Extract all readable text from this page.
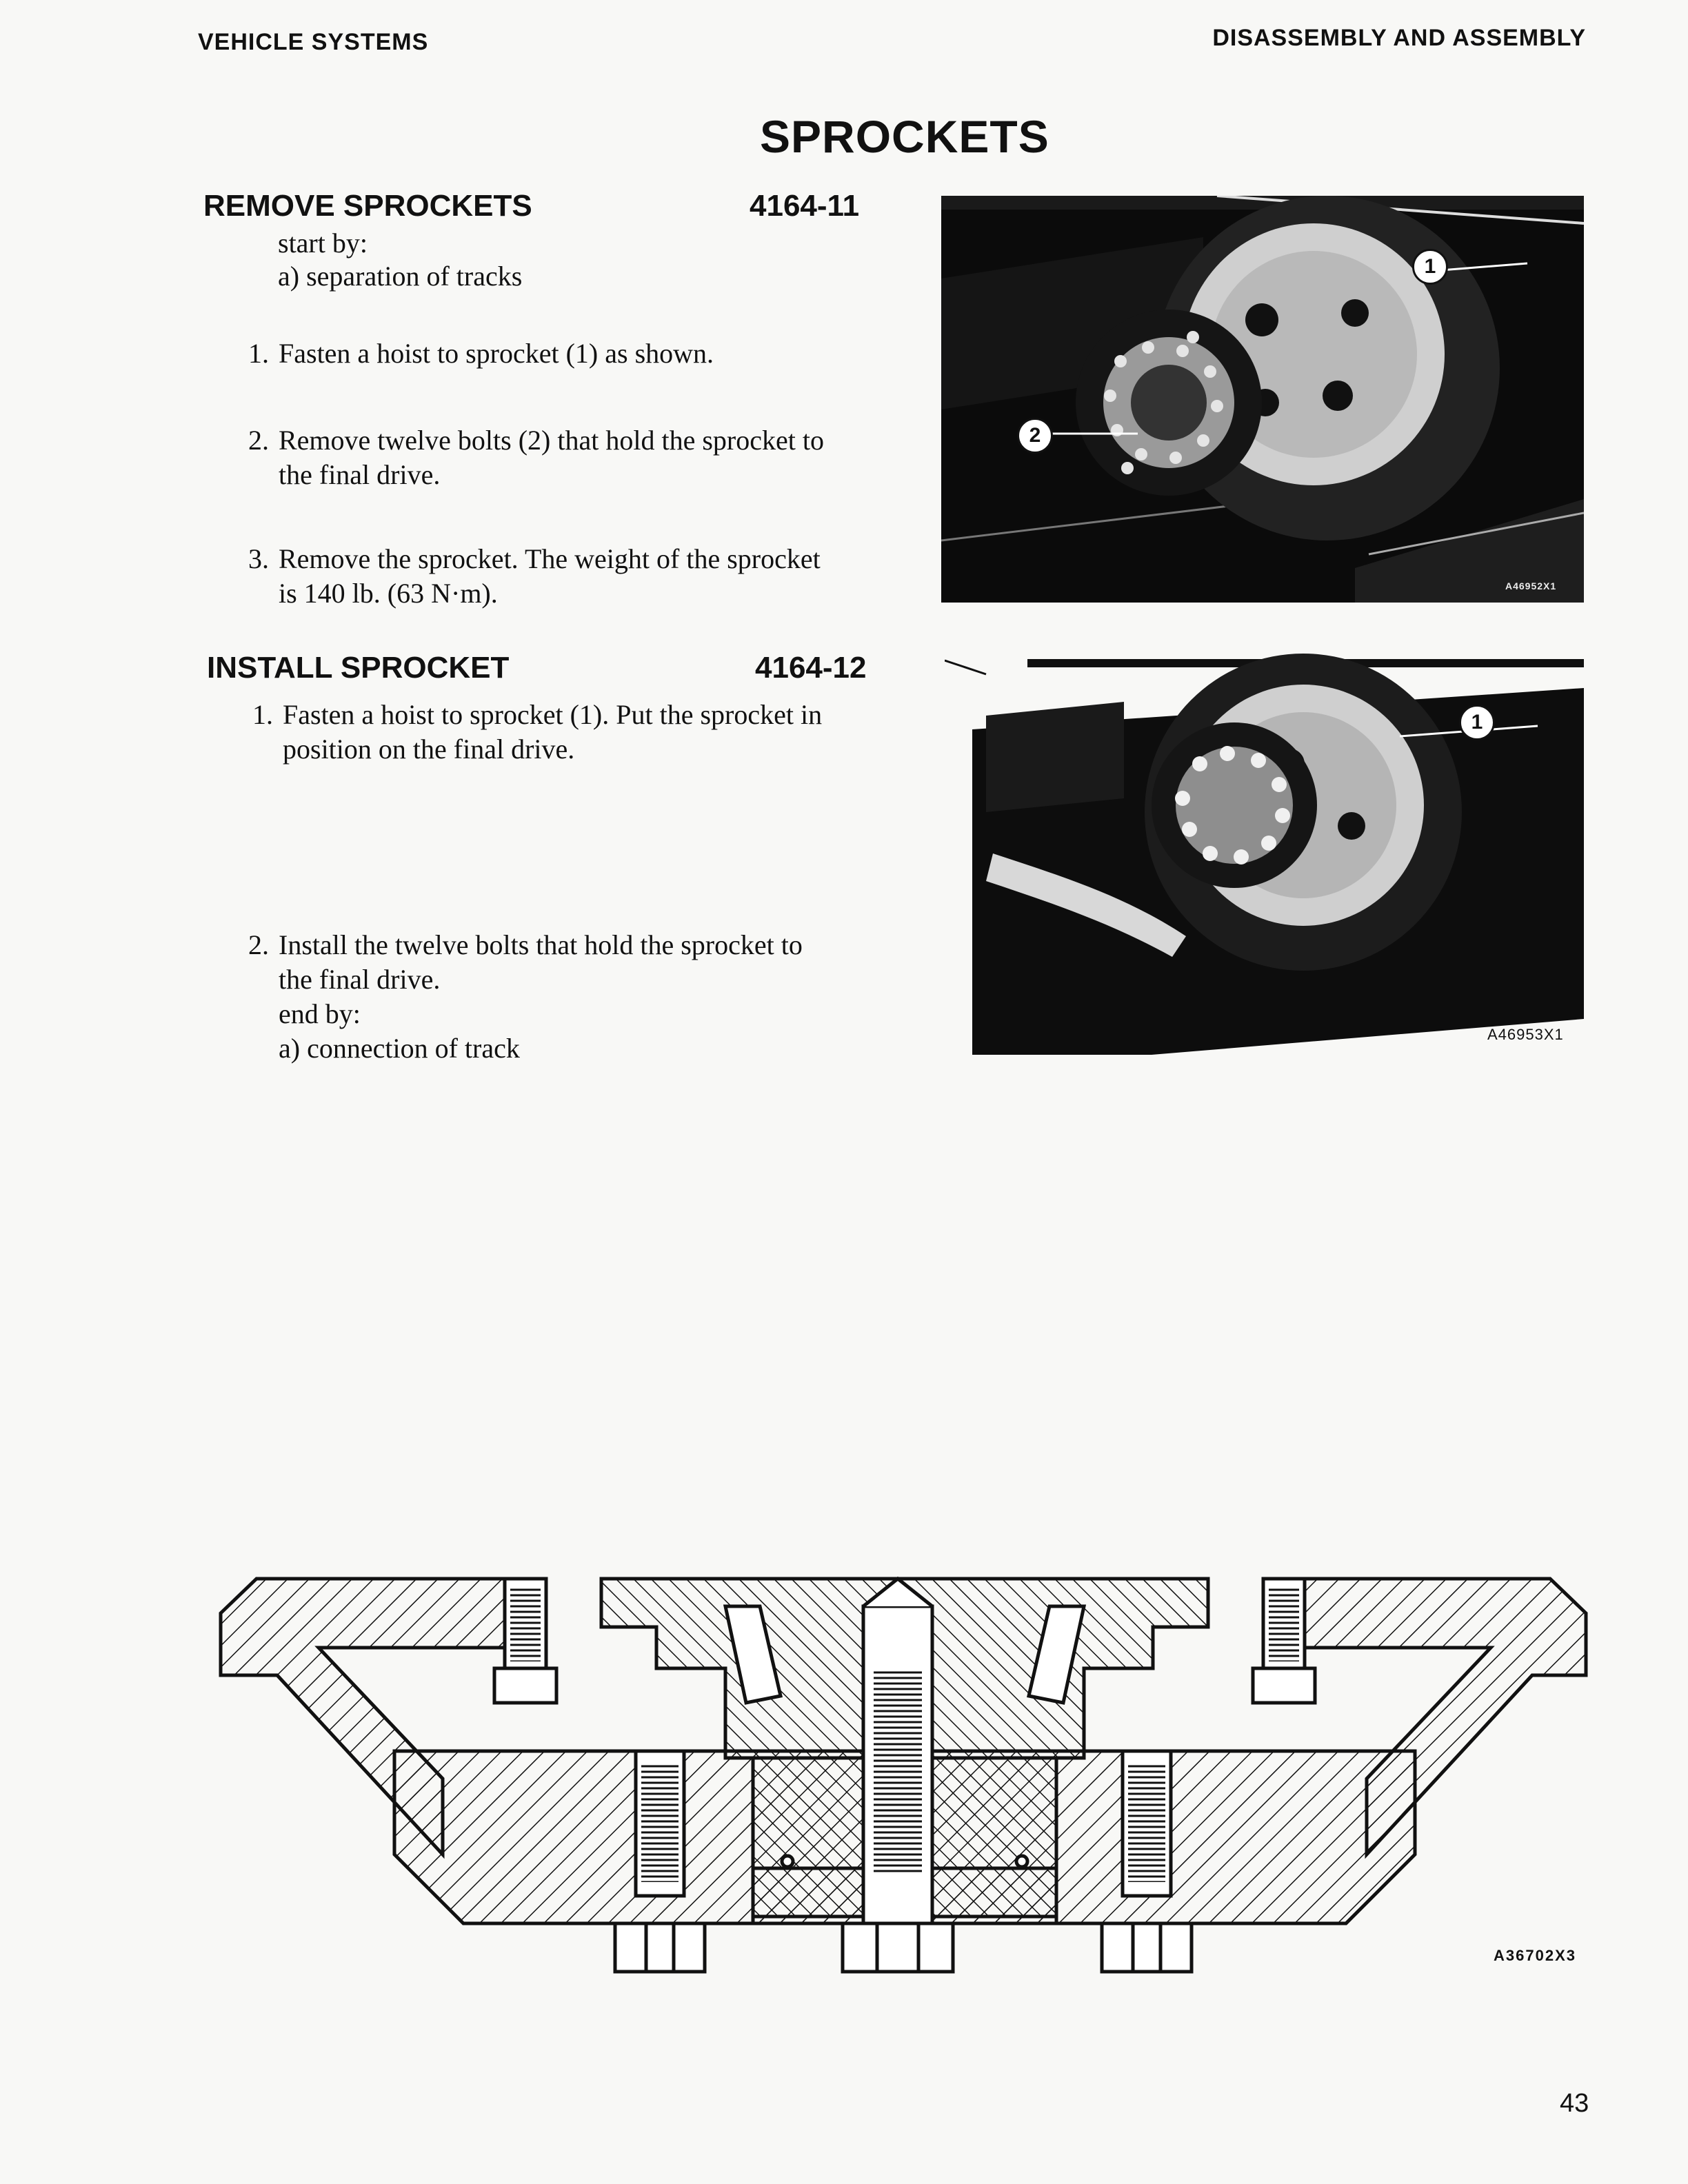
VEHICLE SYSTEMS	DISASSEMBLY AND ASSEMBLY
SPROCKETS
REMOVE SPROCKETS	4164-11
start by:
a) separation of tracks
1. Fasten a hoist to sprocket (1) as shown.
2. Remove twelve bolts (2) that hold the sprocket to
the final drive.
3. Remove the sprocket. The weight of the sprocket
is 140 lb. (63 N·m).
INSTALL SPROCKET	4164-12
1. Fasten a hoist to sprocket (1). Put the sprocket in
position on the final drive.
2. Install the twelve bolts that hold the sprocket to
the final drive.
end by:
a) connection of track
1
2
A46952X1
1
A46953X1
A36702X3
43
